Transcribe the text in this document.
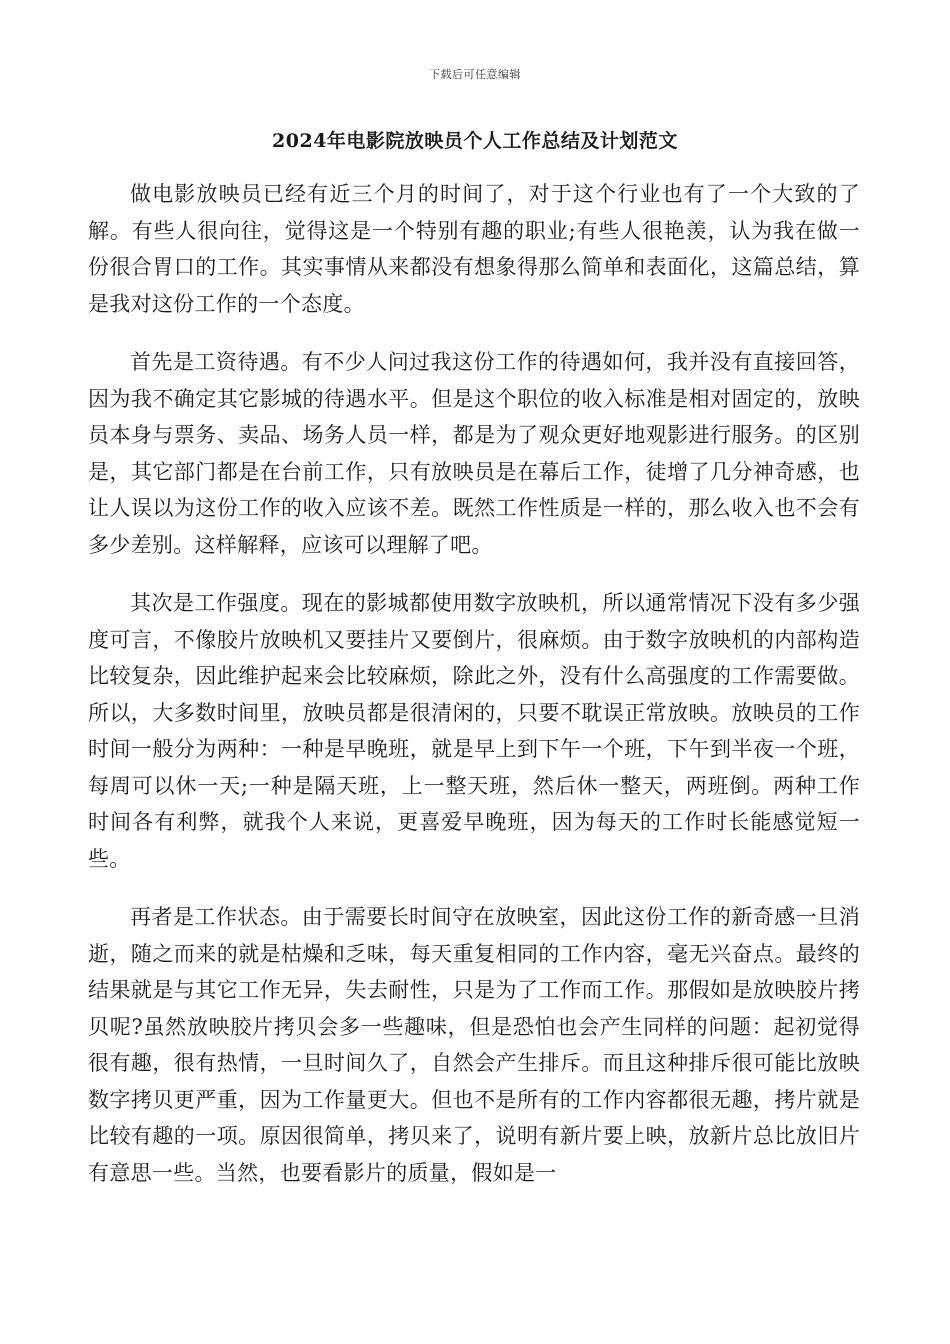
下载后可任意编辑
2024年电影院放映员个人工作总结及计划范文

做电影放映员已经有近三个月的时间了，对于这个行业也有了一个大致的了解。有些人很向往，觉得这是一个特别有趣的职业;有些人很艳羡，认为我在做一份很合胃口的工作。其实事情从来都没有想象得那么简单和表面化，这篇总结，算是我对这份工作的一个态度。

首先是工资待遇。有不少人问过我这份工作的待遇如何，我并没有直接回答，因为我不确定其它影城的待遇水平。但是这个职位的收入标准是相对固定的，放映员本身与票务、卖品、场务人员一样，都是为了观众更好地观影进行服务。的区别是，其它部门都是在台前工作，只有放映员是在幕后工作，徒增了几分神奇感，也让人误以为这份工作的收入应该不差。既然工作性质是一样的，那么收入也不会有多少差别。这样解释，应该可以理解了吧。

其次是工作强度。现在的影城都使用数字放映机，所以通常情况下没有多少强度可言，不像胶片放映机又要挂片又要倒片，很麻烦。由于数字放映机的内部构造比较复杂，因此维护起来会比较麻烦，除此之外，没有什么高强度的工作需要做。所以，大多数时间里，放映员都是很清闲的，只要不耽误正常放映。放映员的工作时间一般分为两种：一种是早晚班，就是早上到下午一个班，下午到半夜一个班，每周可以休一天;一种是隔天班，上一整天班，然后休一整天，两班倒。两种工作时间各有利弊，就我个人来说，更喜爱早晚班，因为每天的工作时长能感觉短一些。

再者是工作状态。由于需要长时间守在放映室，因此这份工作的新奇感一旦消逝，随之而来的就是枯燥和乏味，每天重复相同的工作内容，毫无兴奋点。最终的结果就是与其它工作无异，失去耐性，只是为了工作而工作。那假如是放映胶片拷贝呢?虽然放映胶片拷贝会多一些趣味，但是恐怕也会产生同样的问题：起初觉得很有趣，很有热情，一旦时间久了，自然会产生排斥。而且这种排斥很可能比放映数字拷贝更严重，因为工作量更大。但也不是所有的工作内容都很无趣，拷片就是比较有趣的一项。原因很简单，拷贝来了，说明有新片要上映，放新片总比放旧片有意思一些。当然，也要看影片的质量，假如是一
